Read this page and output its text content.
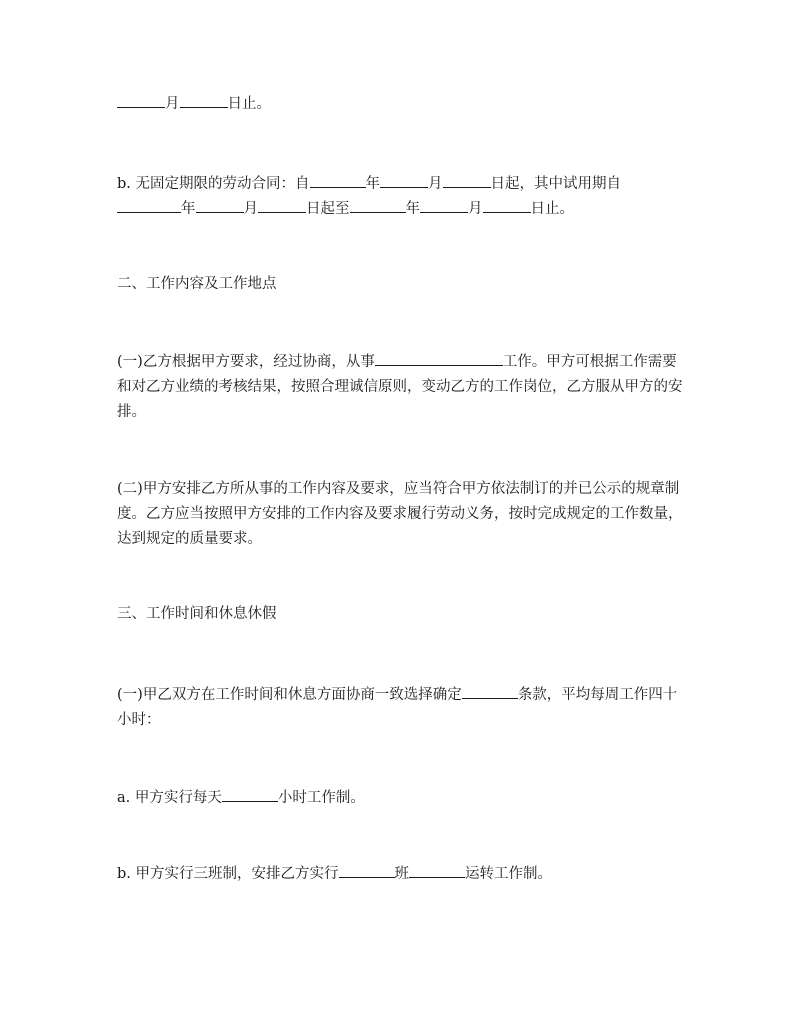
月	日止。

b. 无固定期限的劳动合同：自	年	月	日起，其中试用期自
年	月	日起至	年	月	日止。

二、工作内容及工作地点

(一)乙方根据甲方要求，经过协商，从事	工作。甲方可根据工作需要和对乙方业绩的考核结果，按照合理诚信原则，变动乙方的工作岗位，乙方服从甲方的安排。

(二)甲方安排乙方所从事的工作内容及要求，应当符合甲方依法制订的并已公示的规章制度。乙方应当按照甲方安排的工作内容及要求履行劳动义务，按时完成规定的工作数量，达到规定的质量要求。

三、工作时间和休息休假

(一)甲乙双方在工作时间和休息方面协商一致选择确定	条款，平均每周工作四十小时：

a. 甲方实行每天	小时工作制。

b. 甲方实行三班制，安排乙方实行	班	运转工作制。
